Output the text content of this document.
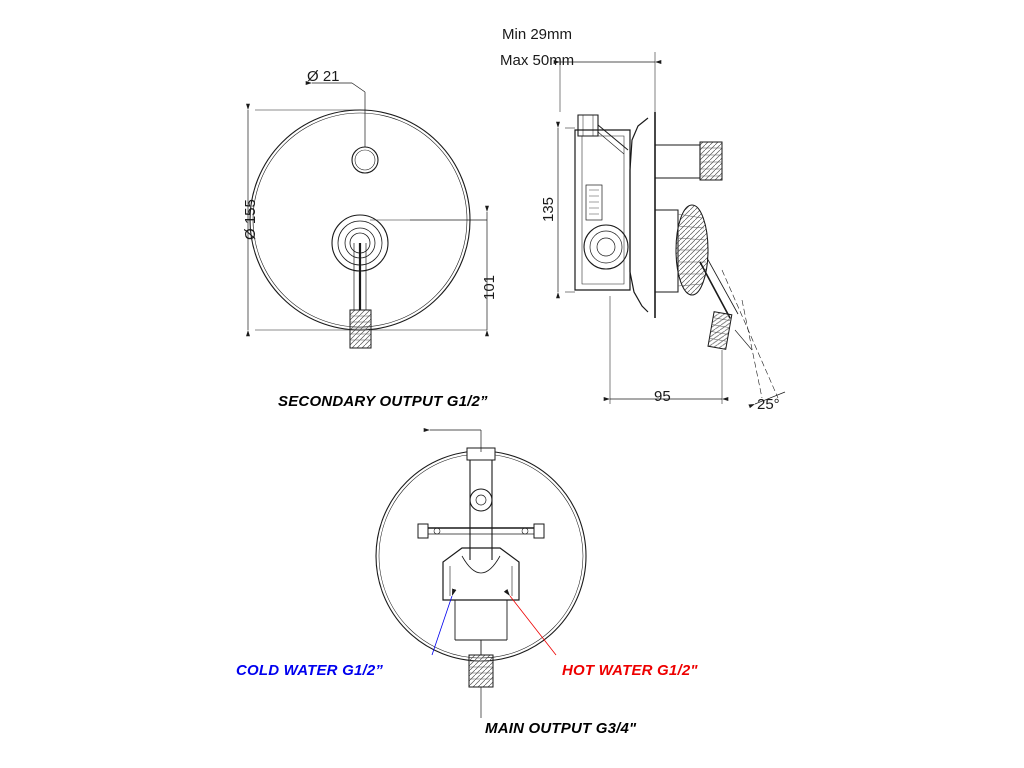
Ø 21
Ø 155
101
Min 29mm
Max 50mm
135
95	25°
SECONDARY OUTPUT G1/2”
COLD WATER G1/2”	HOT WATER G1/2"
MAIN OUTPUT G3/4"
